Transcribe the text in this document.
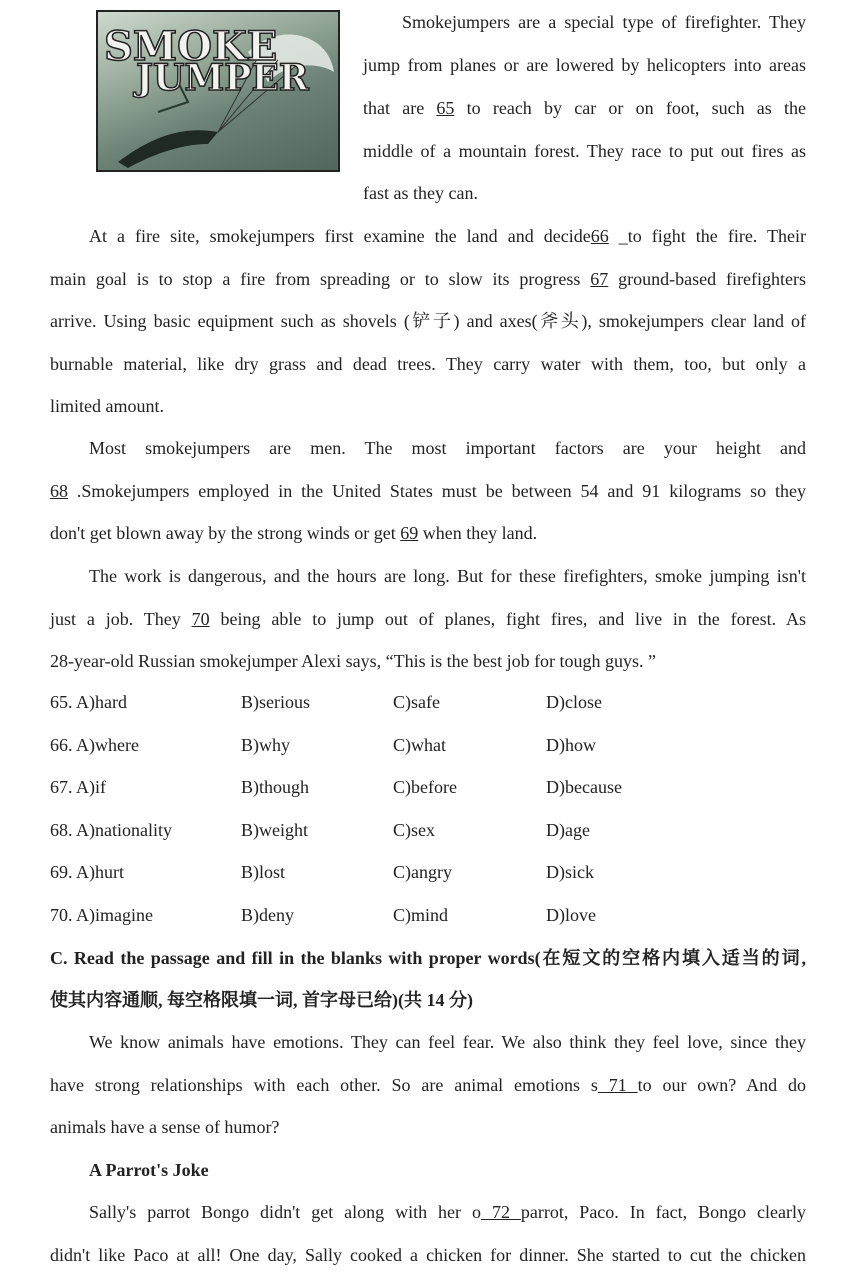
SMOKE
JUMPER
Smokejumpers are a special type of firefighter. They
jump from planes or are lowered by helicopters into areas
that are 65 to reach by car or on foot, such as the
middle of a mountain forest. They race to put out fires as
fast as they can.
At a fire site, smokejumpers first examine the land and decide66 _to fight the fire. Their
main goal is to stop a fire from spreading or to slow its progress 67 ground-based firefighters
arrive. Using basic equipment such as shovels (铲子) and axes(斧头), smokejumpers clear land of
burnable material, like dry grass and dead trees. They carry water with them, too, but only a
limited amount.
Most smokejumpers are men. The most important factors are your height and
68 .Smokejumpers employed in the United States must be between 54 and 91 kilograms so they
don't get blown away by the strong winds or get 69 when they land.
The work is dangerous, and the hours are long. But for these firefighters, smoke jumping isn't
just a job. They 70 being able to jump out of planes, fight fires, and live in the forest. As
28-year-old Russian smokejumper Alexi says, “This is the best job for tough guys. ”
65. A)hard	B)serious	C)safe	D)close
66. A)where	B)why	C)what	D)how
67. A)if	B)though	C)before	D)because
68. A)nationality	B)weight	C)sex	D)age
69. A)hurt	B)lost	C)angry	D)sick
70. A)imagine	B)deny	C)mind	D)love
C. Read the passage and fill in the blanks with proper words(在短文的空格内填入适当的词,
使其内容通顺, 每空格限填一词, 首字母已给)(共 14 分)
We know animals have emotions. They can feel fear. We also think they feel love, since they
have strong relationships with each other. So are animal emotions s 71 to our own? And do
animals have a sense of humor?
A Parrot's Joke
Sally's parrot Bongo didn't get along with her o 72 parrot, Paco. In fact, Bongo clearly
didn't like Paco at all! One day, Sally cooked a chicken for dinner. She started to cut the chicken
